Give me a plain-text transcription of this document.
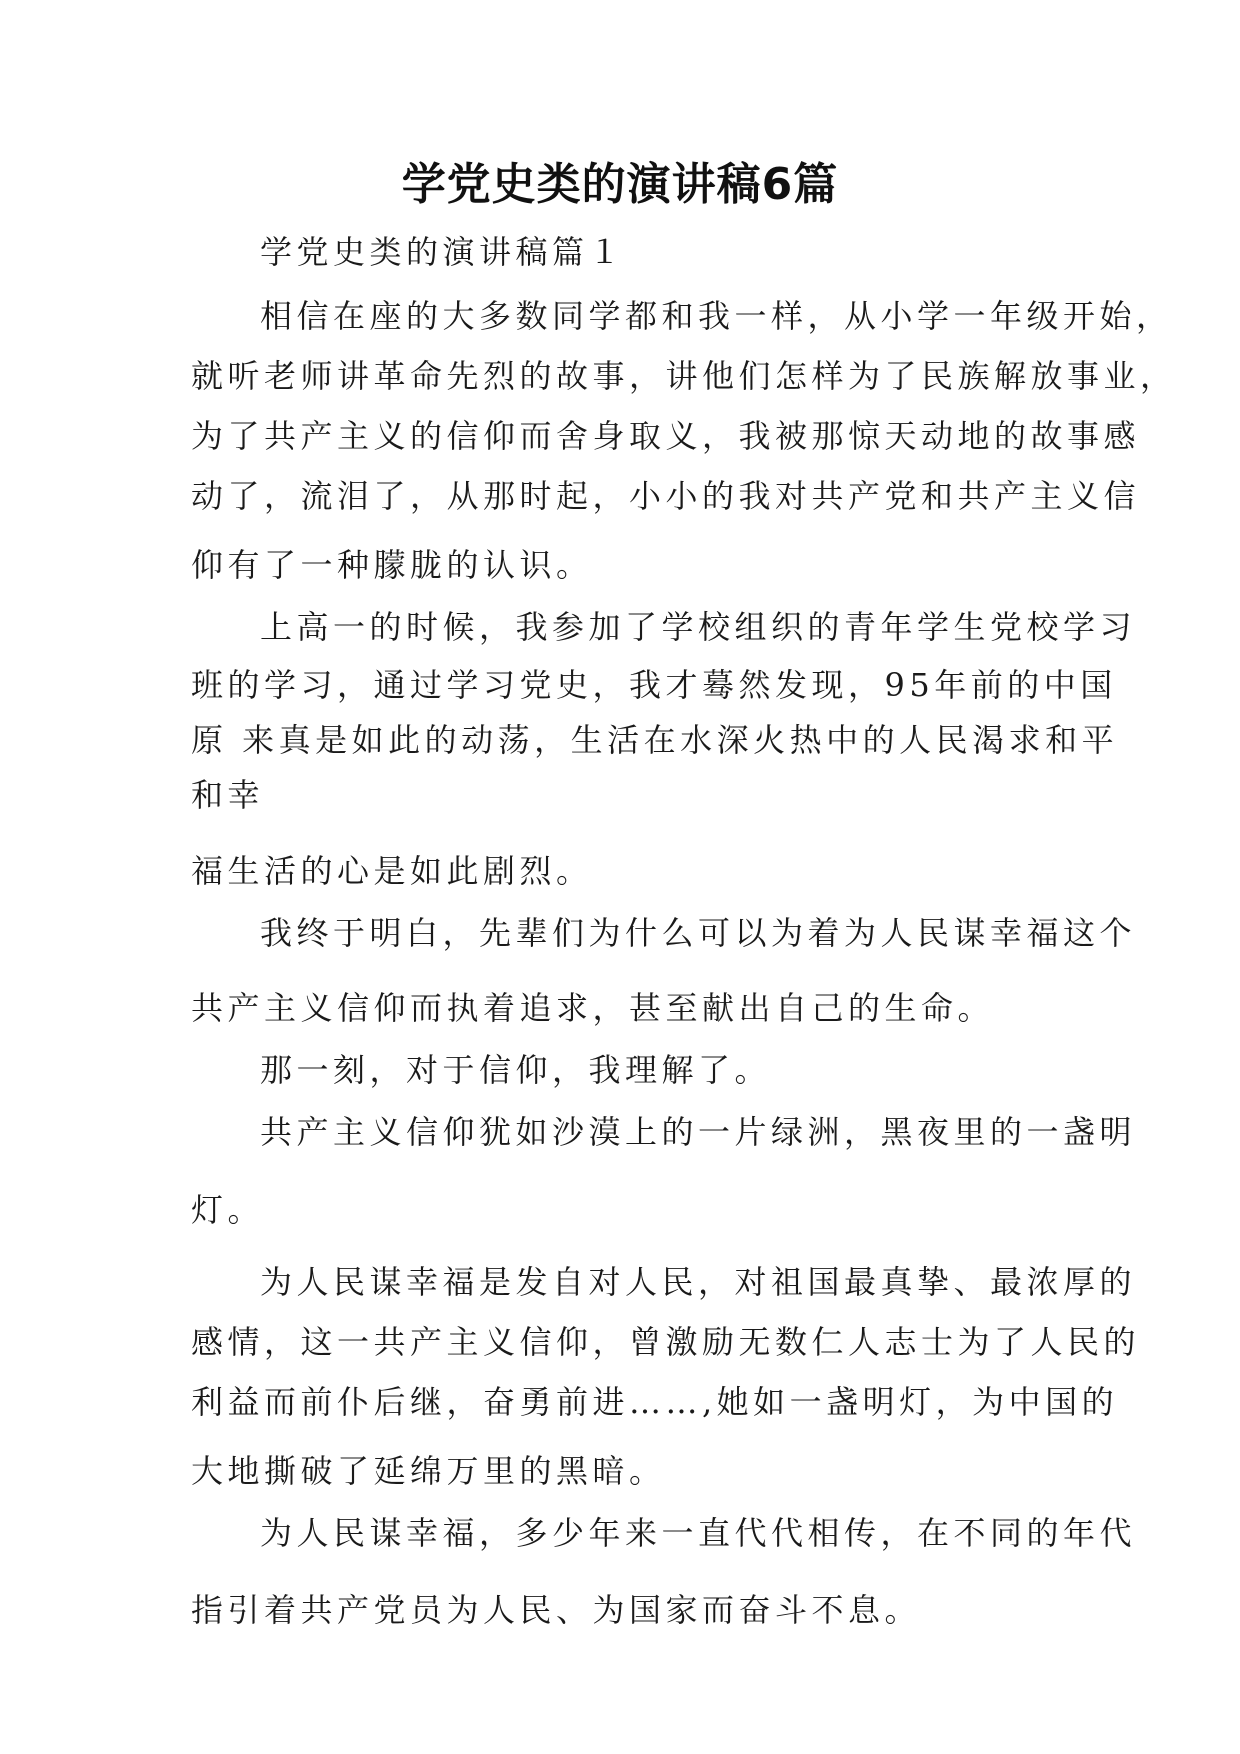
学党史类的演讲稿6篇
学党史类的演讲稿篇１
相信在座的大多数同学都和我一样，从小学一年级开始，
就听老师讲革命先烈的故事，讲他们怎样为了民族解放事业，
为了共产主义的信仰而舍身取义，我被那惊天动地的故事感
动了，流泪了，从那时起，小小的我对共产党和共产主义信
仰有了一种朦胧的认识。
上高一的时候，我参加了学校组织的青年学生党校学习
班的学习，通过学习党史，我才蓦然发现，95年前的中国
原 来真是如此的动荡，生活在水深火热中的人民渴求和平
和幸
福生活的心是如此剧烈。
我终于明白，先辈们为什么可以为着为人民谋幸福这个
共产主义信仰而执着追求，甚至献出自己的生命。
那一刻，对于信仰，我理解了。
共产主义信仰犹如沙漠上的一片绿洲，黑夜里的一盏明
灯。
为人民谋幸福是发自对人民，对祖国最真挚、最浓厚的
感情，这一共产主义信仰，曾激励无数仁人志士为了人民的
利益而前仆后继，奋勇前进……,她如一盏明灯，为中国的
大地撕破了延绵万里的黑暗。
为人民谋幸福，多少年来一直代代相传，在不同的年代
指引着共产党员为人民、为国家而奋斗不息。
